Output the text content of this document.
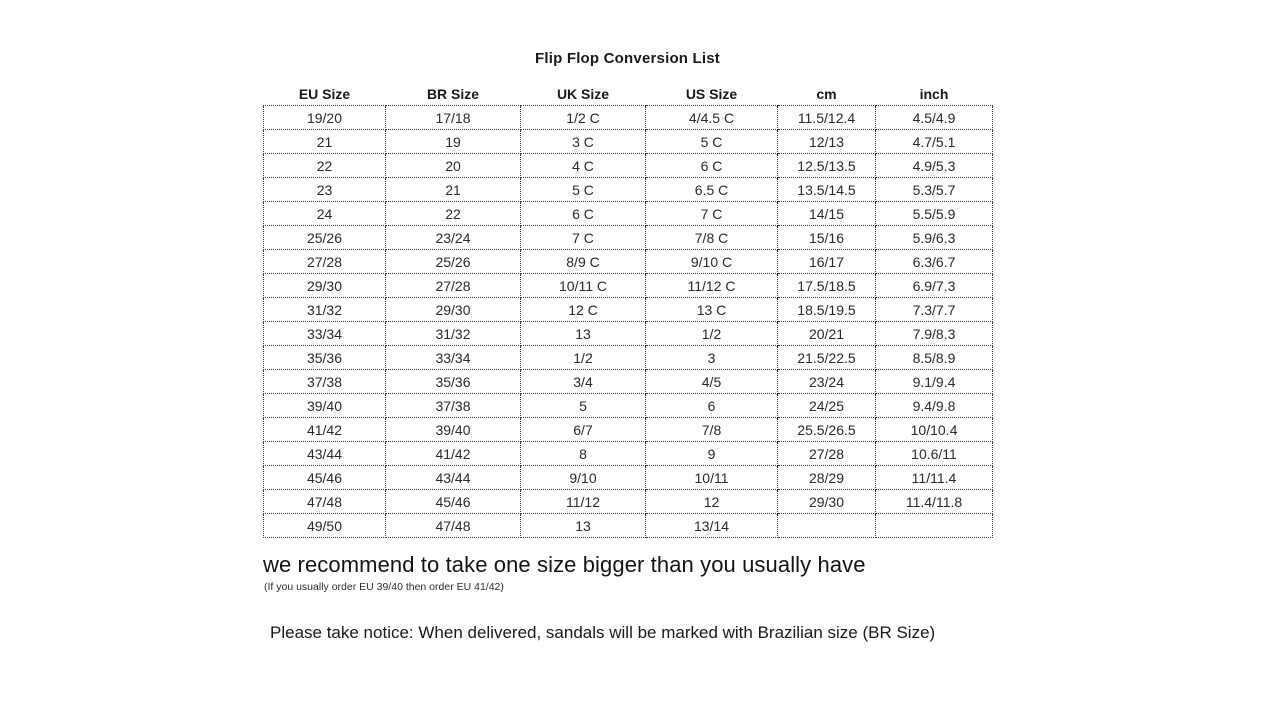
Flip Flop Conversion List
EU Size	BR Size	UK Size	US Size	cm	inch
19/20	17/18	1/2 C	4/4.5 C	11.5/12.4	4.5/4.9
21	19	3 C	5 C	12/13	4.7/5.1
22	20	4 C	6 C	12.5/13.5	4.9/5.3
23	21	5 C	6.5 C	13.5/14.5	5.3/5.7
24	22	6 C	7 C	14/15	5.5/5.9
25/26	23/24	7 C	7/8 C	15/16	5.9/6.3
27/28	25/26	8/9 C	9/10 C	16/17	6.3/6.7
29/30	27/28	10/11 C	11/12 C	17.5/18.5	6.9/7.3
31/32	29/30	12 C	13 C	18.5/19.5	7.3/7.7
33/34	31/32	13	1/2	20/21	7.9/8.3
35/36	33/34	1/2	3	21.5/22.5	8.5/8.9
37/38	35/36	3/4	4/5	23/24	9.1/9.4
39/40	37/38	5	6	24/25	9.4/9.8
41/42	39/40	6/7	7/8	25.5/26.5	10/10.4
43/44	41/42	8	9	27/28	10.6/11
45/46	43/44	9/10	10/11	28/29	11/11.4
47/48	45/46	11/12	12	29/30	11.4/11.8
49/50	47/48	13	13/14		
we recommend to take one size bigger than you usually have
(If you usually order EU 39/40 then order EU 41/42)
Please take notice: When delivered, sandals will be marked with Brazilian size (BR Size)
